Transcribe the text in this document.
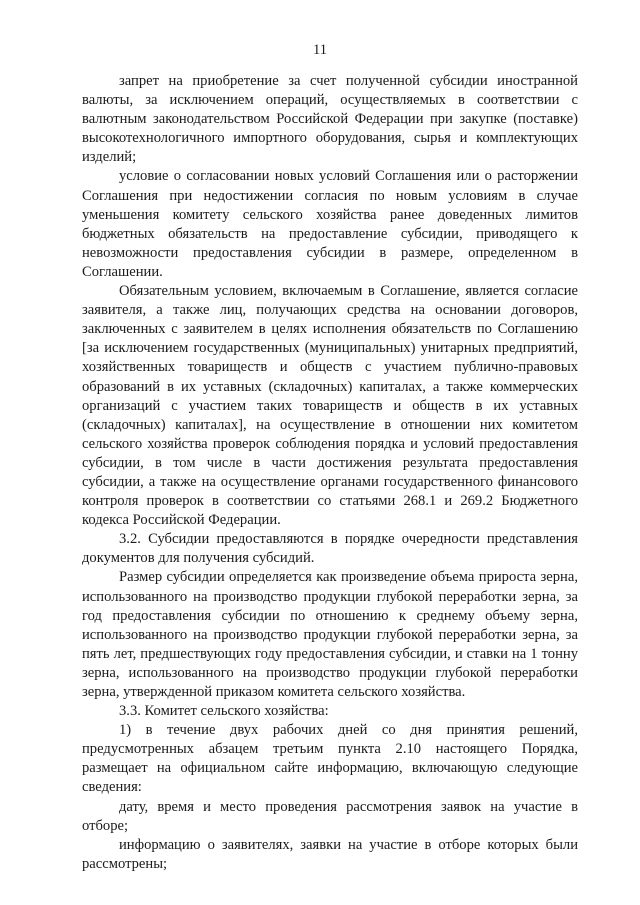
11

запрет на приобретение за счет полученной субсидии иностранной валюты, за исключением операций, осуществляемых в соответствии с валютным законодательством Российской Федерации при закупке (поставке) высокотехнологичного импортного оборудования, сырья и комплектующих изделий;

условие о согласовании новых условий Соглашения или о расторжении Соглашения при недостижении согласия по новым условиям в случае уменьшения комитету сельского хозяйства ранее доведенных лимитов бюджетных обязательств на предоставление субсидии, приводящего к невозможности предоставления субсидии в размере, определенном в Соглашении.

Обязательным условием, включаемым в Соглашение, является согласие заявителя, а также лиц, получающих средства на основании договоров, заключенных с заявителем в целях исполнения обязательств по Соглашению [за исключением государственных (муниципальных) унитарных предприятий, хозяйственных товариществ и обществ с участием публично-правовых образований в их уставных (складочных) капиталах, а также коммерческих организаций с участием таких товариществ и обществ в их уставных (складочных) капиталах], на осуществление в отношении них комитетом сельского хозяйства проверок соблюдения порядка и условий предоставления субсидии, в том числе в части достижения результата предоставления субсидии, а также на осуществление органами государственного финансового контроля проверок в соответствии со статьями 268.1 и 269.2 Бюджетного кодекса Российской Федерации.

3.2. Субсидии предоставляются в порядке очередности представления документов для получения субсидий.

Размер субсидии определяется как произведение объема прироста зерна, использованного на производство продукции глубокой переработки зерна, за год предоставления субсидии по отношению к среднему объему зерна, использованного на производство продукции глубокой переработки зерна, за пять лет, предшествующих году предоставления субсидии, и ставки на 1 тонну зерна, использованного на производство продукции глубокой переработки зерна, утвержденной приказом комитета сельского хозяйства.

3.3. Комитет сельского хозяйства:

1) в течение двух рабочих дней со дня принятия решений, предусмотренных абзацем третьим пункта 2.10 настоящего Порядка, размещает на официальном сайте информацию, включающую следующие сведения:

дату, время и место проведения рассмотрения заявок на участие в отборе;

информацию о заявителях, заявки на участие в отборе которых были рассмотрены;
